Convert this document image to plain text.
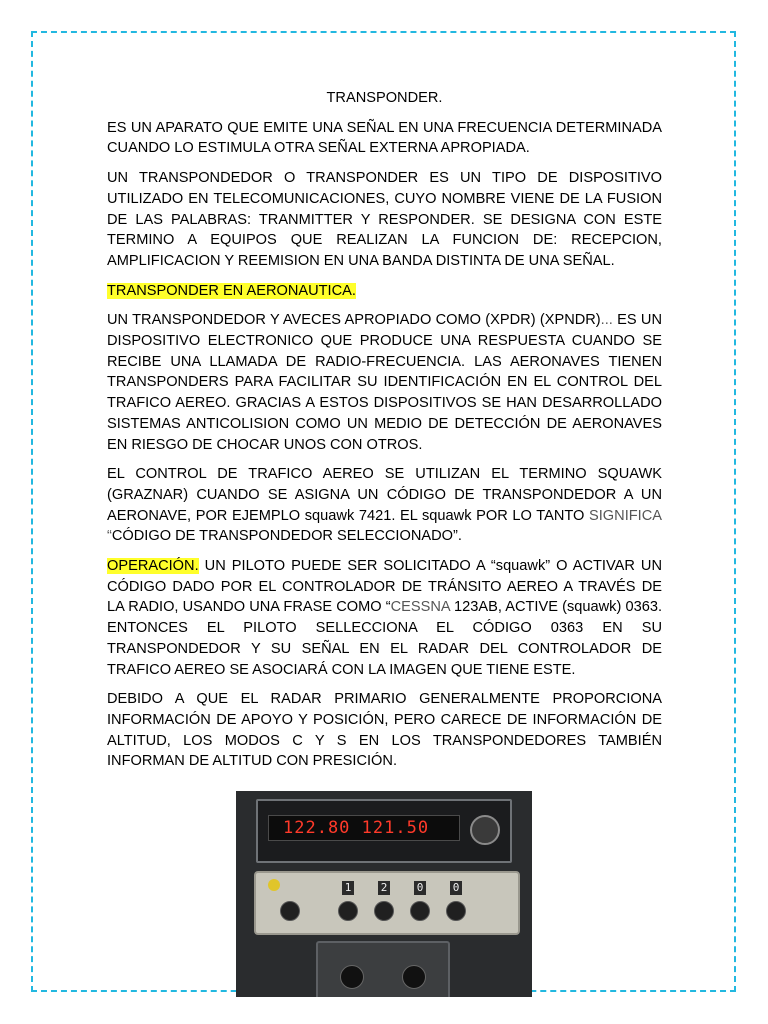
TRANSPONDER.

ES UN APARATO QUE EMITE UNA SEÑAL EN UNA FRECUENCIA DETERMINADA CUANDO LO ESTIMULA OTRA SEÑAL EXTERNA APROPIADA.

UN TRANSPONDEDOR O TRANSPONDER ES UN TIPO DE DISPOSITIVO UTILIZADO EN TELECOMUNICACIONES, CUYO NOMBRE VIENE DE LA FUSION DE LAS PALABRAS: TRANMITTER Y RESPONDER. SE DESIGNA CON ESTE TERMINO A EQUIPOS QUE REALIZAN LA FUNCION DE: RECEPCION, AMPLIFICACION Y REEMISION EN UNA BANDA DISTINTA DE UNA SEÑAL.

TRANSPONDER EN AERONAUTICA.

UN TRANSPONDEDOR Y AVECES APROPIADO COMO (XPDR) (XPNDR)... ES UN DISPOSITIVO ELECTRONICO QUE PRODUCE UNA RESPUESTA CUANDO SE RECIBE UNA LLAMADA DE RADIO-FRECUENCIA. LAS AERONAVES TIENEN TRANSPONDERS PARA FACILITAR SU IDENTIFICACIÓN EN EL CONTROL DEL TRAFICO AEREO. GRACIAS A ESTOS DISPOSITIVOS SE HAN DESARROLLADO SISTEMAS ANTICOLISION COMO UN MEDIO DE DETECCIÓN DE AERONAVES EN RIESGO DE CHOCAR UNOS CON OTROS.

EL CONTROL DE TRAFICO AEREO SE UTILIZAN EL TERMINO SQUAWK (GRAZNAR) CUANDO SE ASIGNA UN CÓDIGO DE TRANSPONDEDOR A UN AERONAVE, POR EJEMPLO squawk 7421. EL squawk POR LO TANTO SIGNIFICA “CÓDIGO DE TRANSPONDEDOR SELECCIONADO”.

OPERACIÓN. UN PILOTO PUEDE SER SOLICITADO A “squawk” O ACTIVAR UN CÓDIGO DADO POR EL CONTROLADOR DE TRÁNSITO AEREO A TRAVÉS DE LA RADIO, USANDO UNA FRASE COMO “CESSNA 123AB, ACTIVE (squawk) 0363. ENTONCES EL PILOTO SELLECCIONA EL CÓDIGO 0363 EN SU TRANSPONDEDOR Y SU SEÑAL EN EL RADAR DEL CONTROLADOR DE TRAFICO AEREO SE ASOCIARÁ CON LA IMAGEN QUE TIENE ESTE.

DEBIDO A QUE EL RADAR PRIMARIO GENERALMENTE PROPORCIONA INFORMACIÓN DE APOYO Y POSICIÓN, PERO CARECE DE INFORMACIÓN DE ALTITUD, LOS MODOS C Y S EN LOS TRANSPONDEDORES TAMBIÉN INFORMAN DE ALTITUD CON PRESICIÓN.

122.80 121.50
1	2	0	0
